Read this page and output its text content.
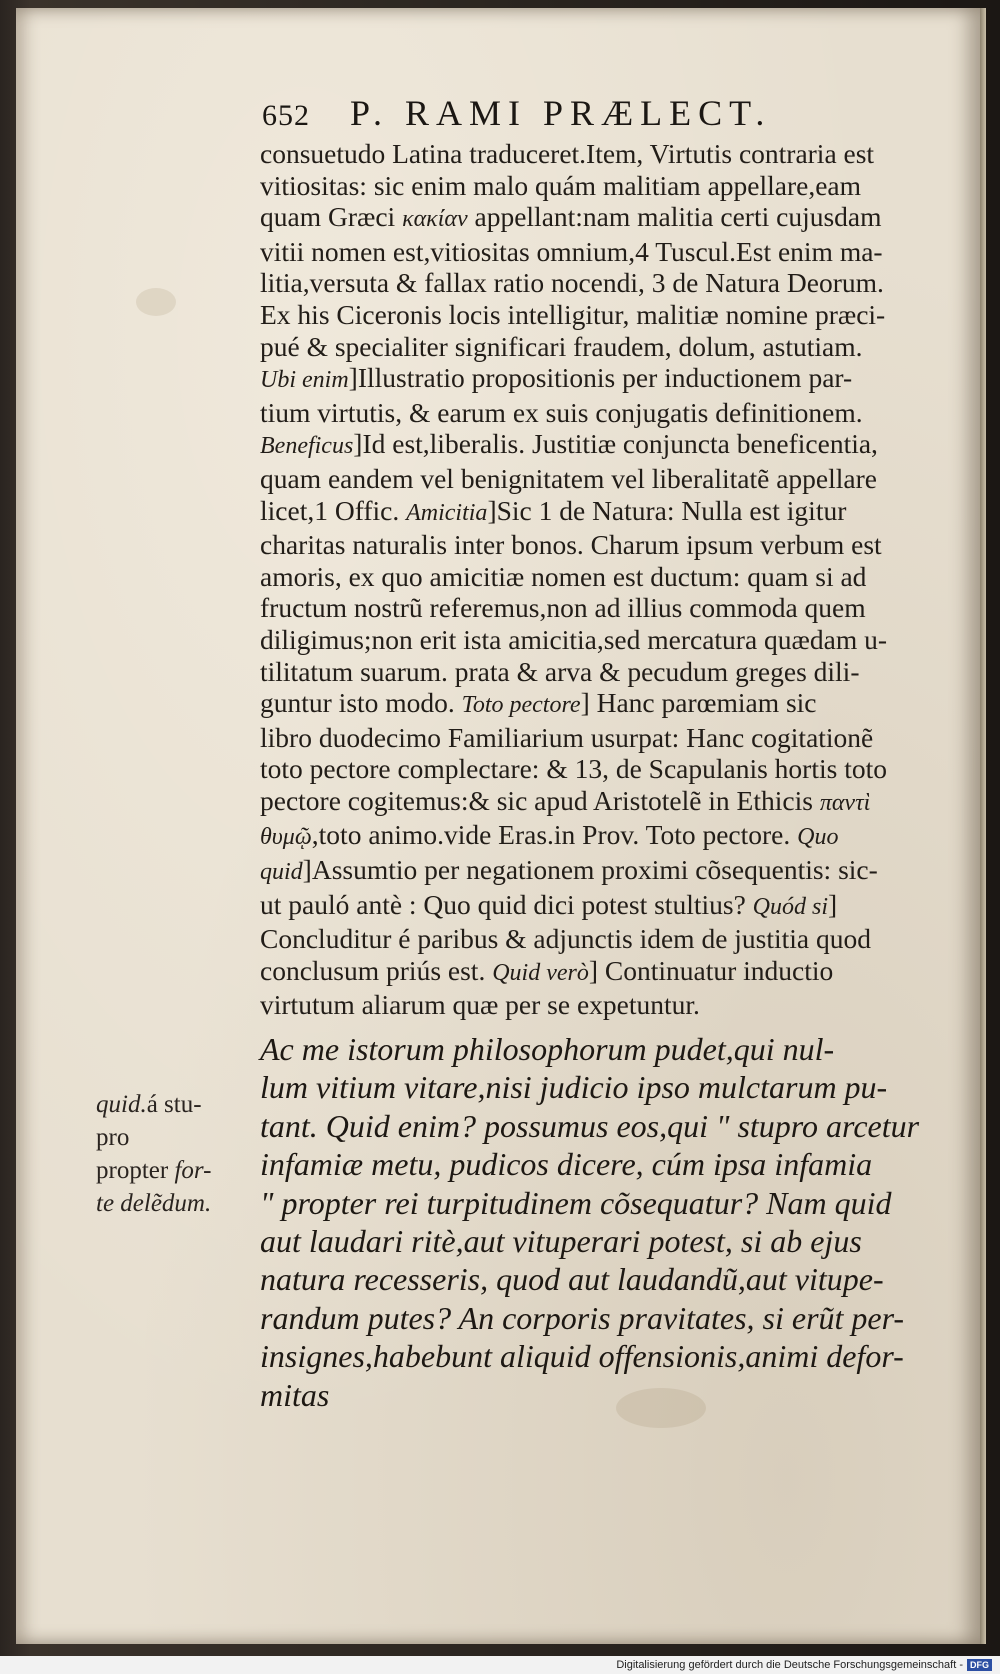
652 P. RAMI PRÆLECT.
consuetudo Latina traduceret.Item, Virtutis contraria est
vitiositas: sic enim malo quám malitiam appellare,eam
quam Græci κακίαν appellant:nam malitia certi cujusdam
vitii nomen est,vitiositas omnium,4 Tuscul.Est enim ma-
litia,versuta & fallax ratio nocendi, 3 de Natura Deorum.
Ex his Ciceronis locis intelligitur, malitiæ nomine præci-
pué & specialiter significari fraudem, dolum, astutiam.
Ubi enim]Illustratio propositionis per inductionem par-
tium virtutis, & earum ex suis conjugatis definitionem.
Beneficus]Id est,liberalis. Justitiæ conjuncta beneficentia,
quam eandem vel benignitatem vel liberalitatẽ appellare
licet,1 Offic. Amicitia]Sic 1 de Natura: Nulla est igitur
charitas naturalis inter bonos. Charum ipsum verbum est
amoris, ex quo amicitiæ nomen est ductum: quam si ad
fructum nostrũ referemus,non ad illius commoda quem
diligimus;non erit ista amicitia,sed mercatura quædam u-
tilitatum suarum. prata & arva & pecudum greges dili-
guntur isto modo. Toto pectore] Hanc parœmiam sic
libro duodecimo Familiarium usurpat: Hanc cogitationẽ
toto pectore complectare: & 13, de Scapulanis hortis toto
pectore cogitemus:& sic apud Aristotelẽ in Ethicis παντὶ
θυμῷ,toto animo.vide Eras.in Prov. Toto pectore. Quo
quid]Assumtio per negationem proximi cõsequentis: sic-
ut pauló antè : Quo quid dici potest stultius? Quód si]
Concluditur é paribus & adjunctis idem de justitia quod
conclusum priús est. Quid verò] Continuatur inductio
virtutum aliarum quæ per se expetuntur.
quid.á stu-
pro
propter for-
te delẽdum.
Ac me istorum philosophorum pudet,qui nul-
lum vitium vitare,nisi judicio ipso mulctarum pu-
tant. Quid enim? possumus eos,qui " stupro arcetur
infamiæ metu, pudicos dicere, cúm ipsa infamia
" propter rei turpitudinem cõsequatur? Nam quid
aut laudari ritè,aut vituperari potest, si ab ejus
natura recesseris, quod aut laudandũ,aut vitupe-
randum putes? An corporis pravitates, si erũt per-
insignes,habebunt aliquid offensionis,animi defor-
mitas
Digitalisierung gefördert durch die Deutsche Forschungsgemeinschaft - DFG
